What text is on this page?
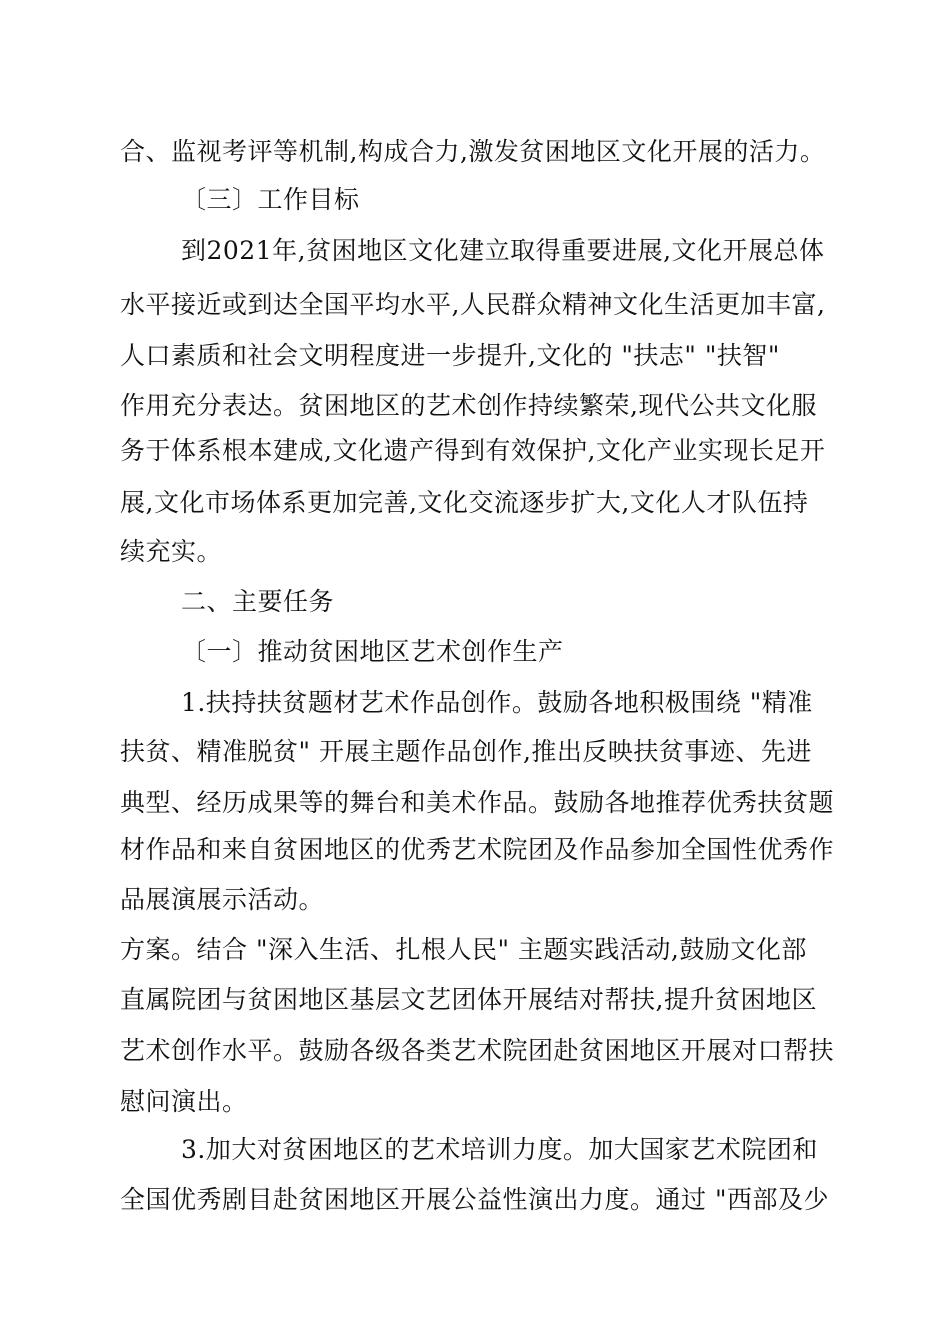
合、监视考评等机制,构成合力,激发贫困地区文化开展的活力。
〔三〕工作目标
到2021年,贫困地区文化建立取得重要进展,文化开展总体
水平接近或到达全国平均水平,人民群众精神文化生活更加丰富,
人口素质和社会文明程度进一步提升,文化的 "扶志" "扶智"
作用充分表达。贫困地区的艺术创作持续繁荣,现代公共文化服
务于体系根本建成,文化遗产得到有效保护,文化产业实现长足开
展,文化市场体系更加完善,文化交流逐步扩大,文化人才队伍持
续充实。
二、主要任务
〔一〕推动贫困地区艺术创作生产
1.扶持扶贫题材艺术作品创作。鼓励各地积极围绕 "精准
扶贫、精准脱贫" 开展主题作品创作,推出反映扶贫事迹、先进
典型、经历成果等的舞台和美术作品。鼓励各地推荐优秀扶贫题
材作品和来自贫困地区的优秀艺术院团及作品参加全国性优秀作
品展演展示活动。
方案。结合 "深入生活、扎根人民" 主题实践活动,鼓励文化部
直属院团与贫困地区基层文艺团体开展结对帮扶,提升贫困地区
艺术创作水平。鼓励各级各类艺术院团赴贫困地区开展对口帮扶
慰问演出。
3.加大对贫困地区的艺术培训力度。加大国家艺术院团和
全国优秀剧目赴贫困地区开展公益性演出力度。通过 "西部及少
